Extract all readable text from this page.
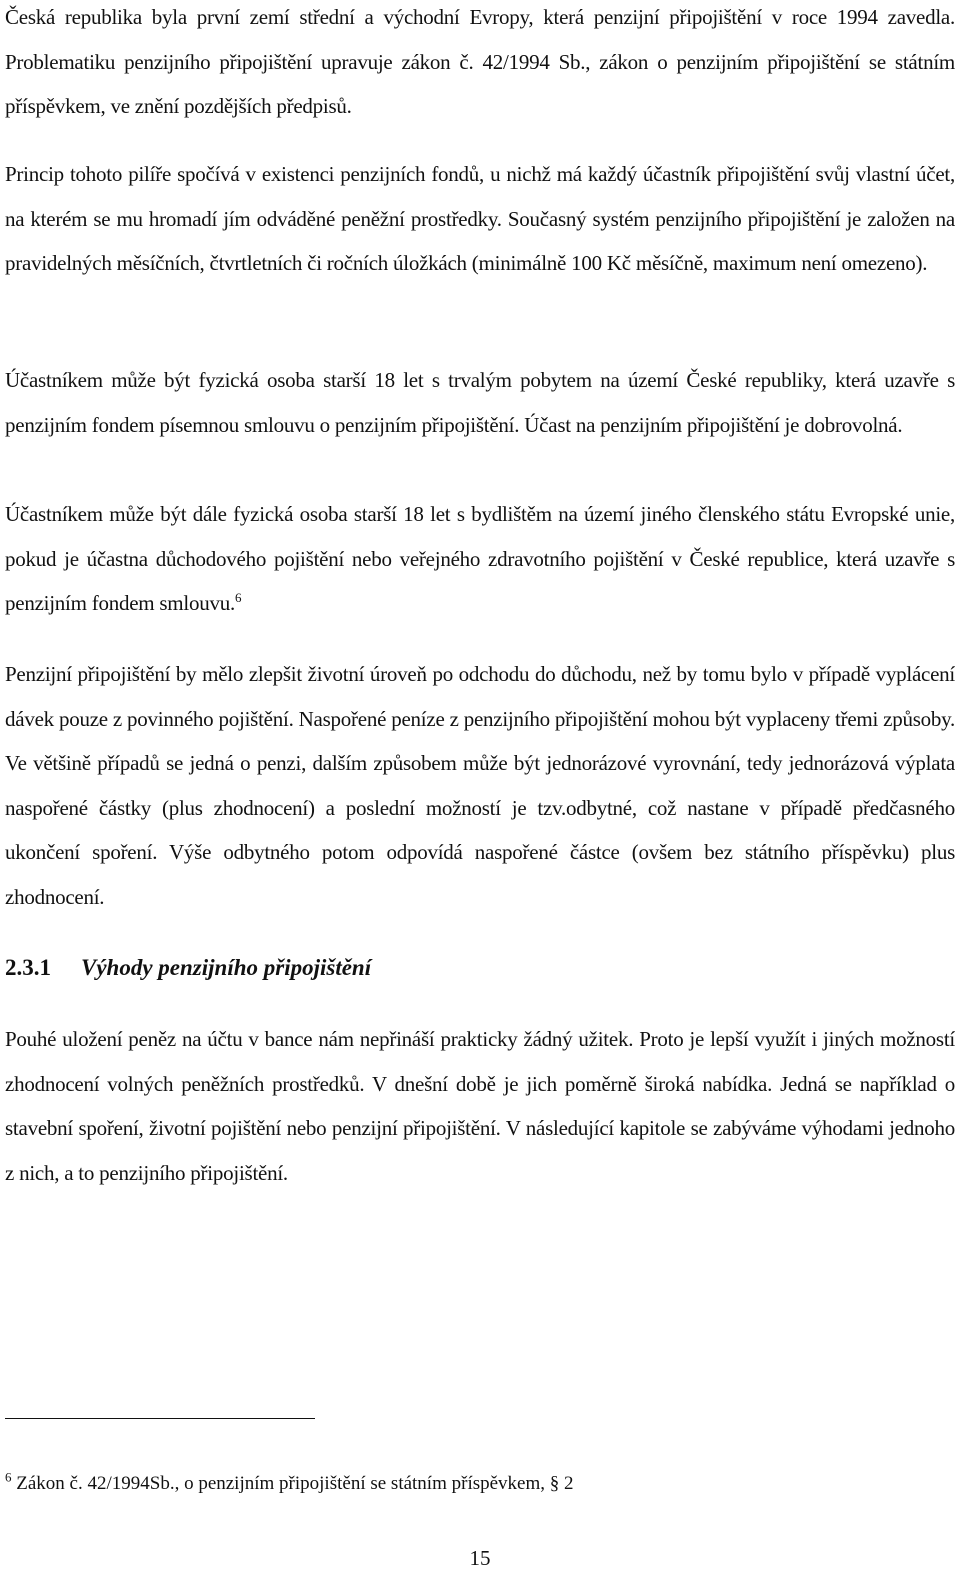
Česká republika byla první zemí střední a východní Evropy, která penzijní připojištění v roce 1994 zavedla. Problematiku penzijního připojištění upravuje zákon č. 42/1994 Sb., zákon o penzijním připojištění se státním příspěvkem, ve znění pozdějších předpisů.

Princip tohoto pilíře spočívá v existenci penzijních fondů, u nichž má každý účastník připojištění svůj vlastní účet, na kterém se mu hromadí jím odváděné peněžní prostředky. Současný systém penzijního připojištění je založen na pravidelných měsíčních, čtvrtletních či ročních úložkách (minimálně 100 Kč měsíčně, maximum není omezeno).

Účastníkem může být fyzická osoba starší 18 let s trvalým pobytem na území České republiky, která uzavře s penzijním fondem písemnou smlouvu o penzijním připojištění. Účast na penzijním připojištění je dobrovolná.

Účastníkem může být dále fyzická osoba starší 18 let s bydlištěm na území jiného členského státu Evropské unie, pokud je účastna důchodového pojištění nebo veřejného zdravotního pojištění v České republice, která uzavře s penzijním fondem smlouvu.$^6$

Penzijní připojištění by mělo zlepšit životní úroveň po odchodu do důchodu, než by tomu bylo v případě vyplácení dávek pouze z povinného pojištění. Naspořené peníze z penzijního připojištění mohou být vyplaceny třemi způsoby. Ve většině případů se jedná o penzi, dalším způsobem může být jednorázové vyrovnání, tedy jednorázová výplata naspořené částky (plus zhodnocení) a poslední možností je tzv.odbytné, což nastane v případě předčasného ukončení spoření. Výše odbytného potom odpovídá naspořené částce (ovšem bez státního příspěvku) plus zhodnocení.

2.3.1 Výhody penzijního připojištění

Pouhé uložení peněz na účtu v bance nám nepřináší prakticky žádný užitek. Proto je lepší využít i jiných možností zhodnocení volných peněžních prostředků. V dnešní době je jich poměrně široká nabídka. Jedná se například o stavební spoření, životní pojištění nebo penzijní připojištění. V následující kapitole se zabýváme výhodami jednoho z nich, a to penzijního připojištění.

$^6$ Zákon č. 42/1994Sb., o penzijním připojištění se státním příspěvkem, § 2

15
